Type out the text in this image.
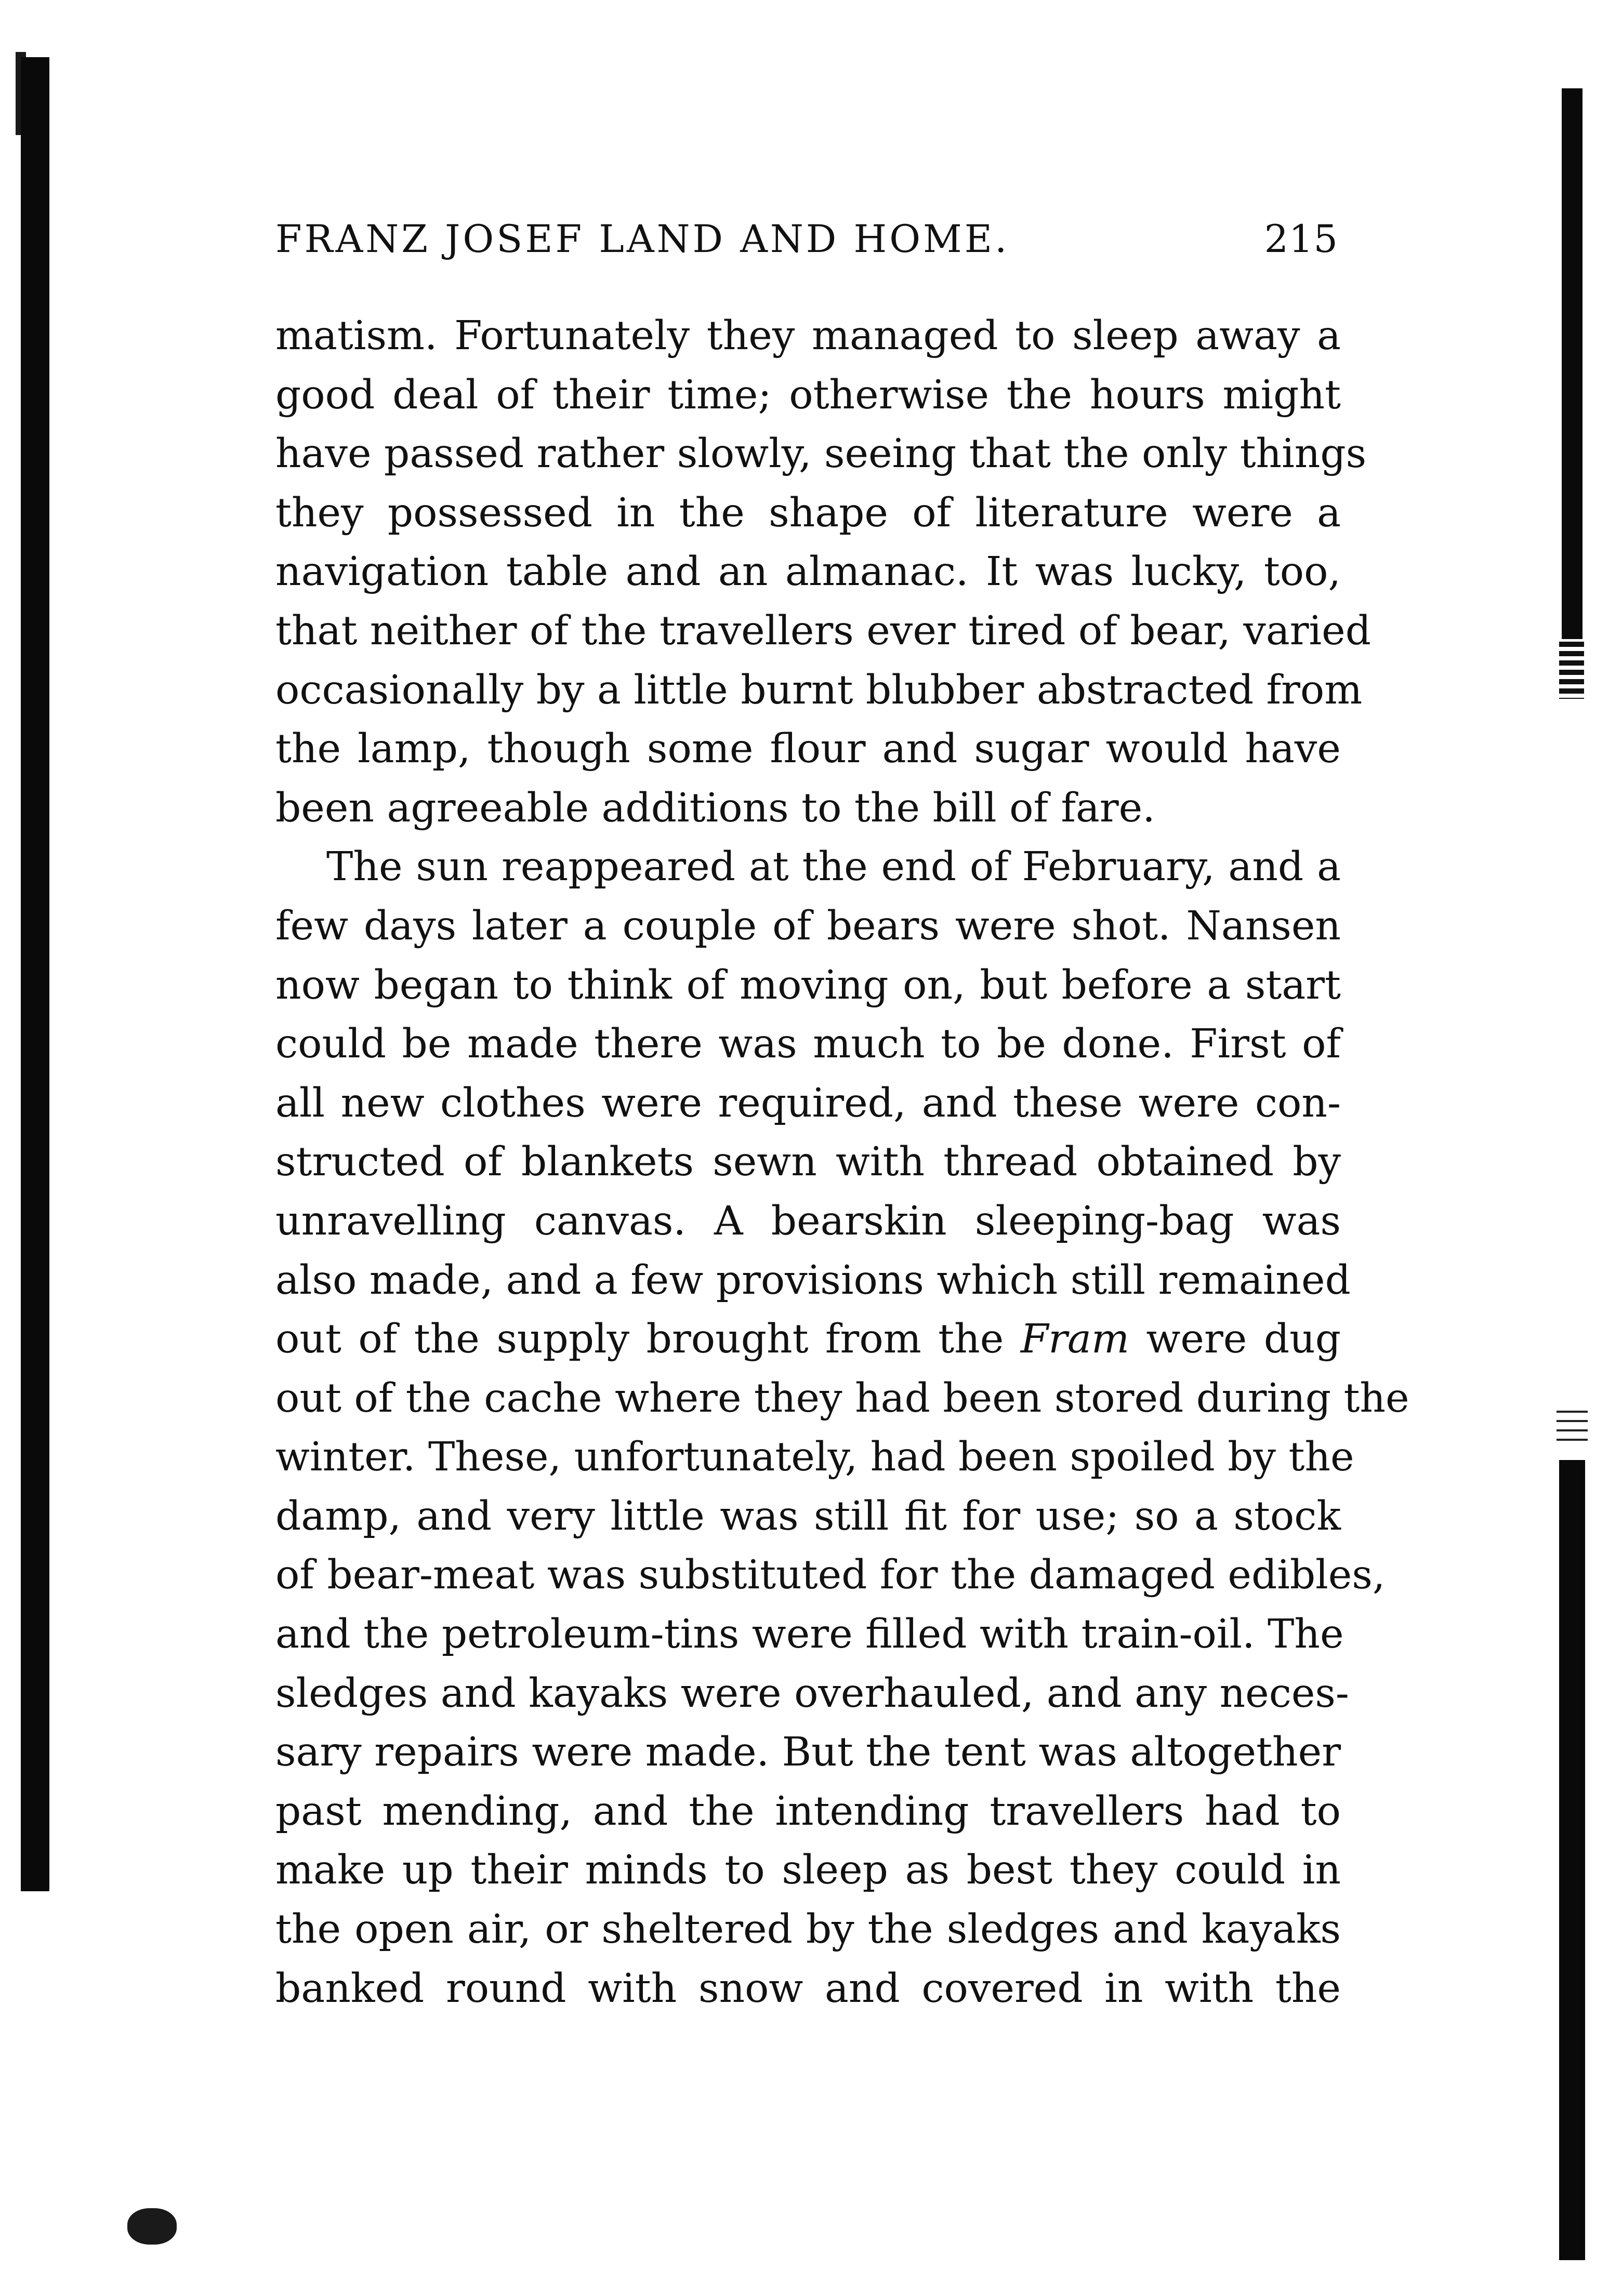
FRANZ JOSEF LAND AND HOME.	215
matism. Fortunately they managed to sleep away a
good deal of their time; otherwise the hours might
have passed rather slowly, seeing that the only things
they possessed in the shape of literature were a
navigation table and an almanac. It was lucky, too,
that neither of the travellers ever tired of bear, varied
occasionally by a little burnt blubber abstracted from
the lamp, though some flour and sugar would have
been agreeable additions to the bill of fare.
The sun reappeared at the end of February, and a
few days later a couple of bears were shot. Nansen
now began to think of moving on, but before a start
could be made there was much to be done. First of
all new clothes were required, and these were con-
structed of blankets sewn with thread obtained by
unravelling canvas. A bearskin sleeping-bag was
also made, and a few provisions which still remained
out of the supply brought from the Fram were dug
out of the cache where they had been stored during the
winter. These, unfortunately, had been spoiled by the
damp, and very little was still fit for use; so a stock
of bear-meat was substituted for the damaged edibles,
and the petroleum-tins were filled with train-oil. The
sledges and kayaks were overhauled, and any neces-
sary repairs were made. But the tent was altogether
past mending, and the intending travellers had to
make up their minds to sleep as best they could in
the open air, or sheltered by the sledges and kayaks
banked round with snow and covered in with the
